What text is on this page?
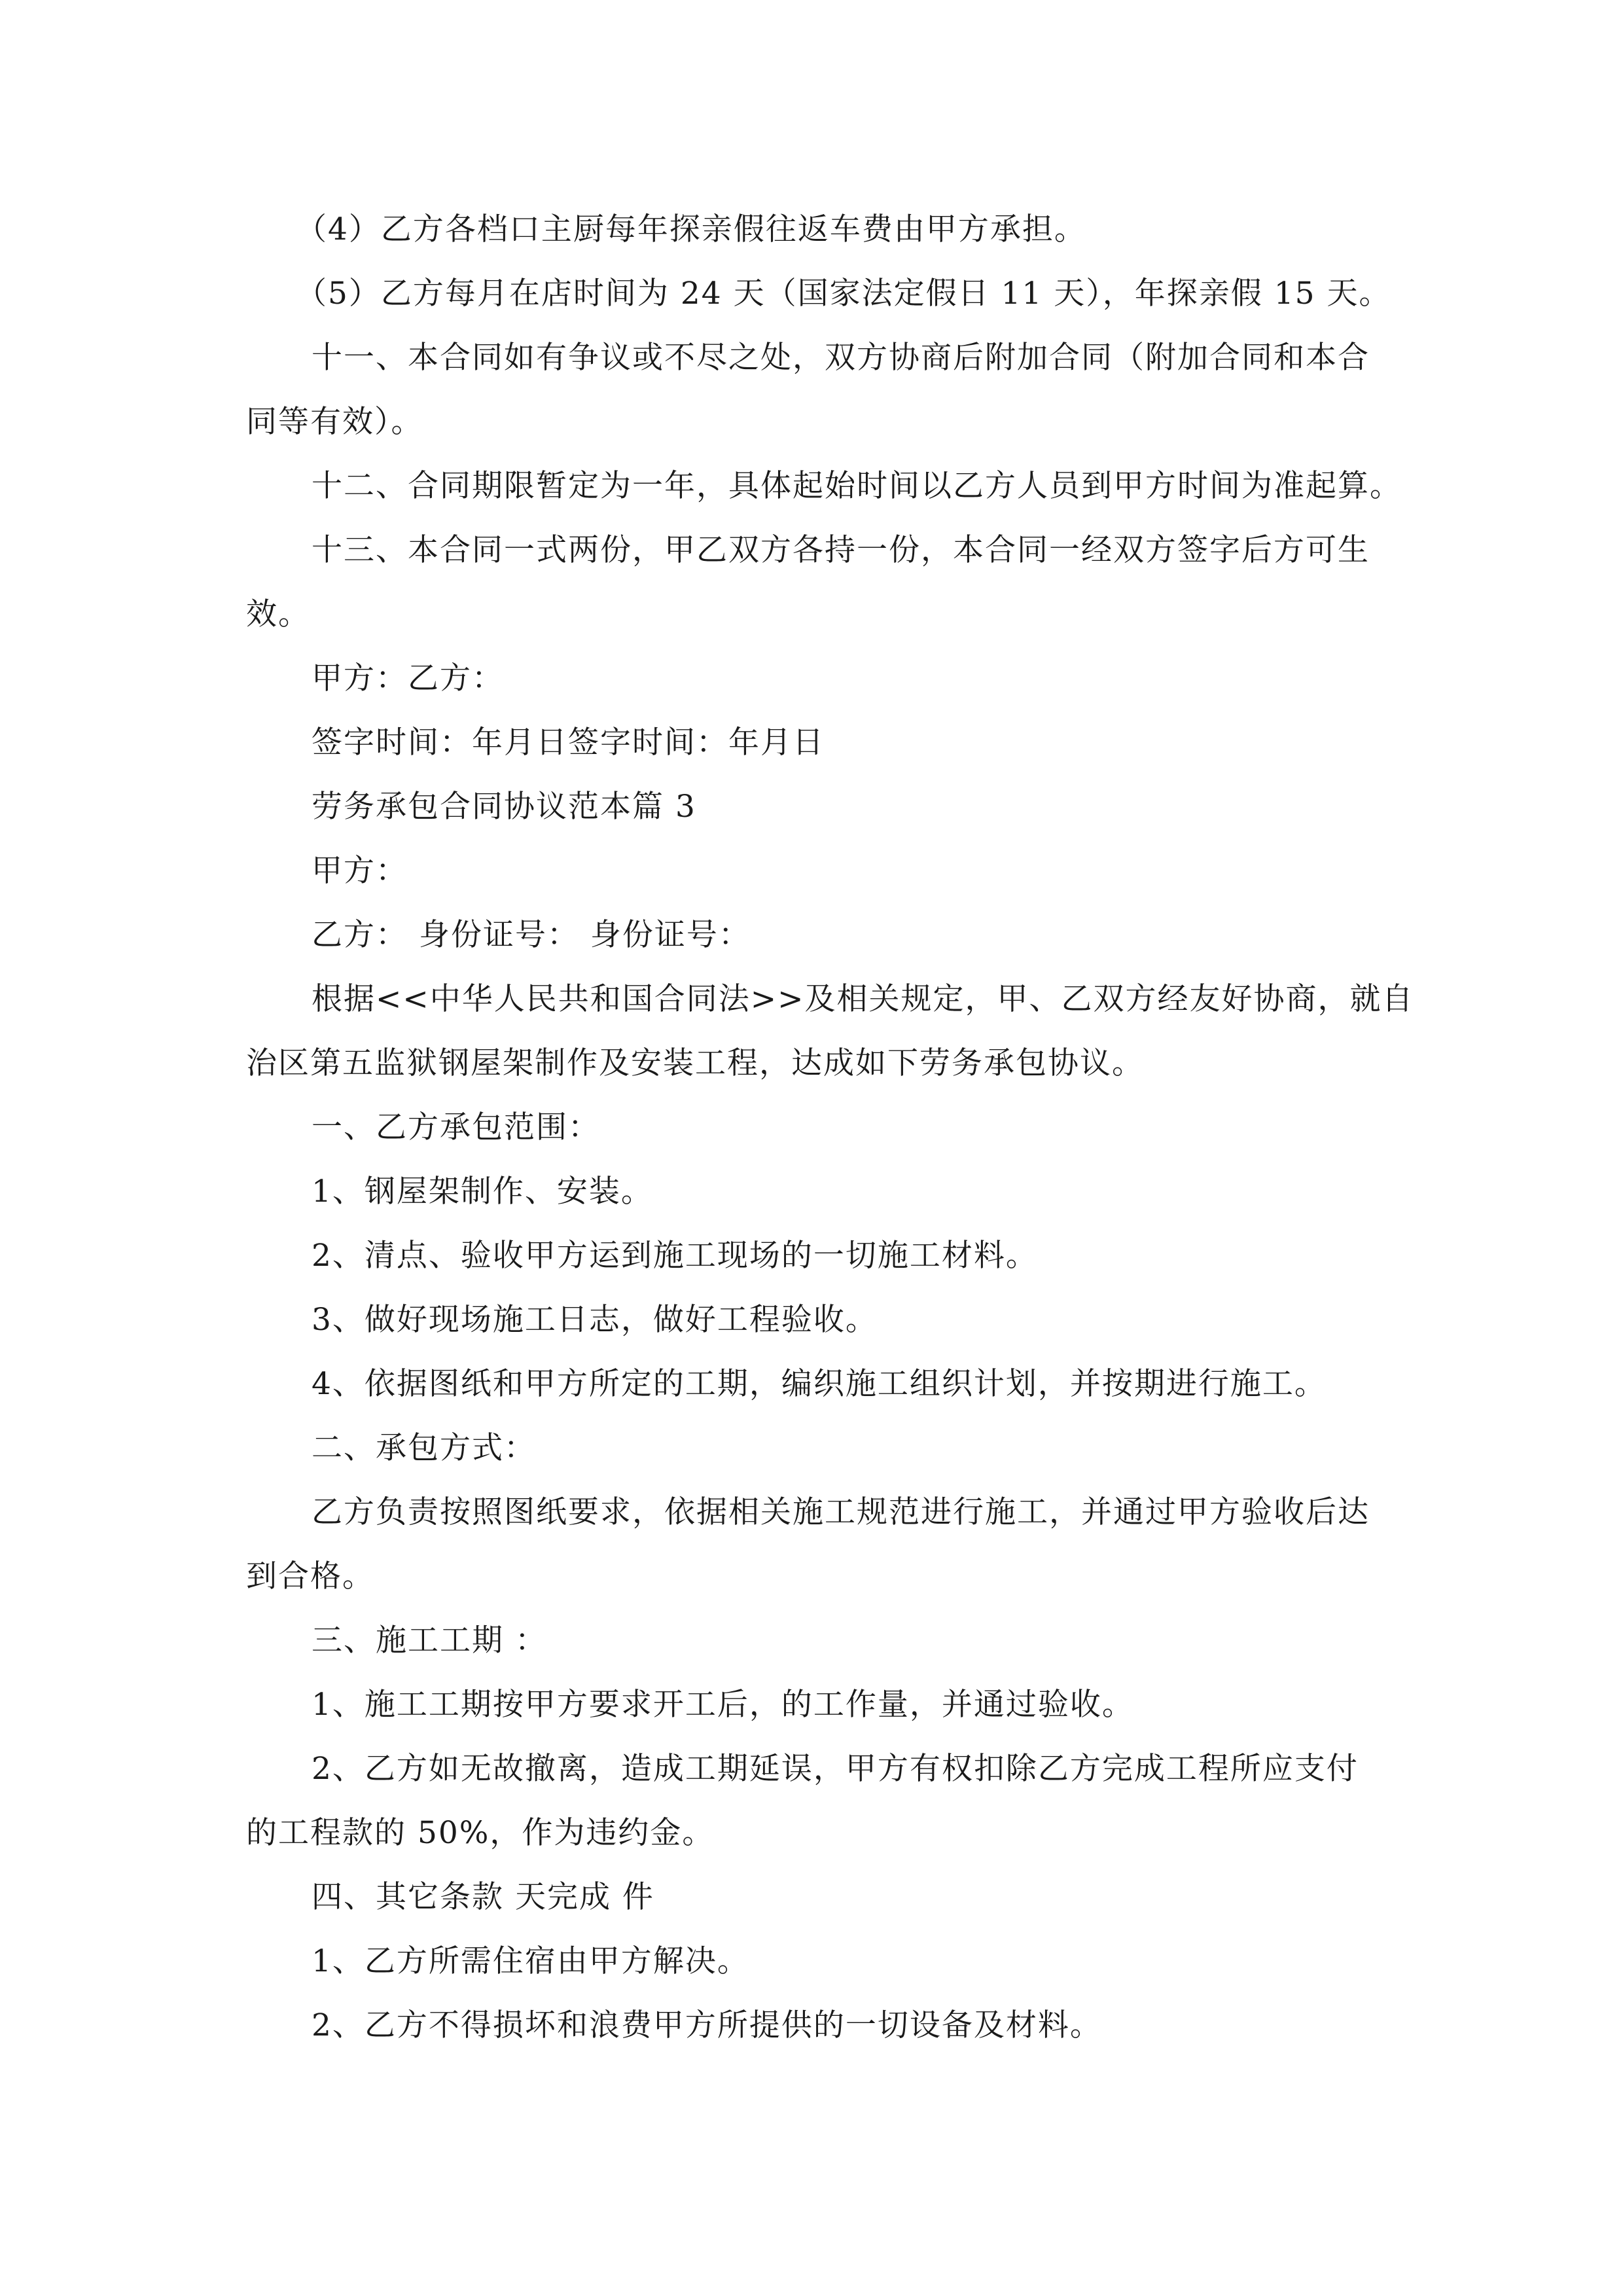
（4）乙方各档口主厨每年探亲假往返车费由甲方承担。
（5）乙方每月在店时间为 24 天（国家法定假日 11 天），年探亲假 15 天。
十一、本合同如有争议或不尽之处，双方协商后附加合同（附加合同和本合
同等有效）。
十二、合同期限暂定为一年，具体起始时间以乙方人员到甲方时间为准起算。
十三、本合同一式两份，甲乙双方各持一份，本合同一经双方签字后方可生
效。
甲方：乙方：
签字时间：年月日签字时间：年月日
劳务承包合同协议范本篇 3
甲方：
乙方： 身份证号： 身份证号：
根据<<中华人民共和国合同法>>及相关规定，甲、乙双方经友好协商，就自
治区第五监狱钢屋架制作及安装工程，达成如下劳务承包协议。
一、乙方承包范围：
1、钢屋架制作、安装。
2、清点、验收甲方运到施工现场的一切施工材料。
3、做好现场施工日志，做好工程验收。
4、依据图纸和甲方所定的工期，编织施工组织计划，并按期进行施工。
二、承包方式：
乙方负责按照图纸要求，依据相关施工规范进行施工，并通过甲方验收后达
到合格。
三、施工工期 ：
1、施工工期按甲方要求开工后，的工作量，并通过验收。
2、乙方如无故撤离，造成工期延误，甲方有权扣除乙方完成工程所应支付
的工程款的 50%，作为违约金。
四、其它条款 天完成 件
1、乙方所需住宿由甲方解决。
2、乙方不得损坏和浪费甲方所提供的一切设备及材料。
